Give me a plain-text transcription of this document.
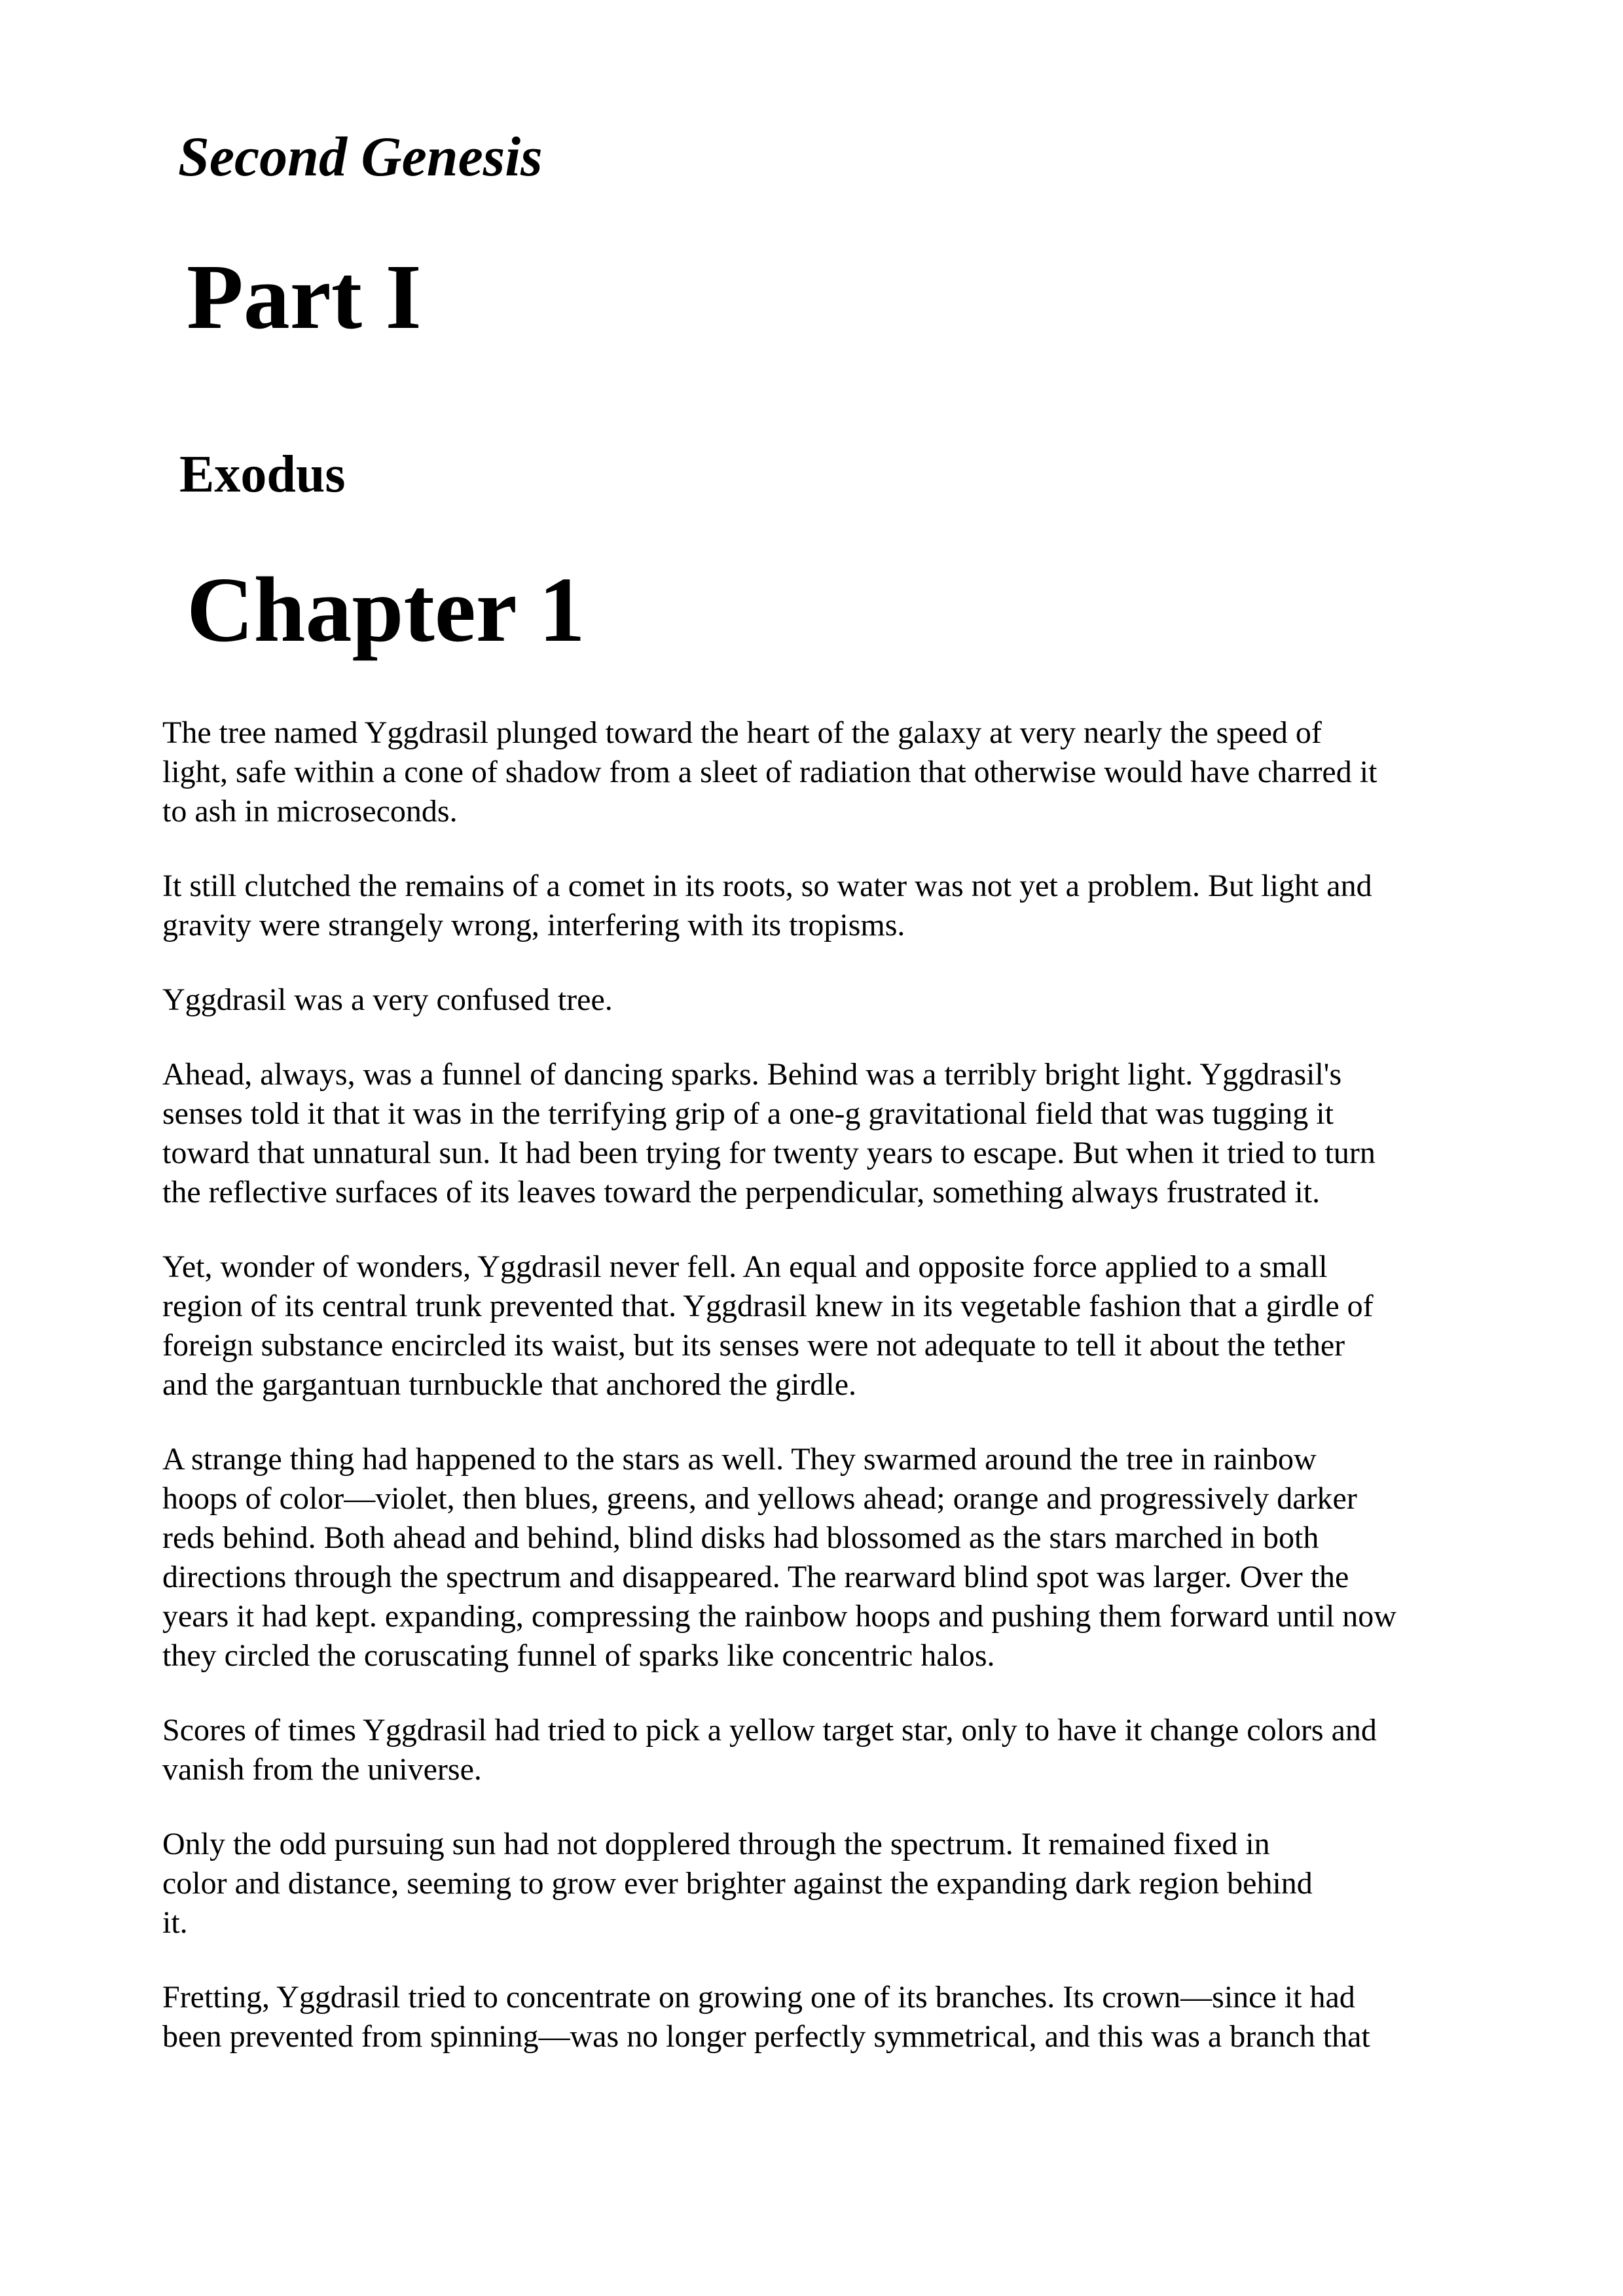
Second Genesis
Part I
Exodus
Chapter 1

The tree named Yggdrasil plunged toward the heart of the galaxy at very nearly the speed of
light, safe within a cone of shadow from a sleet of radiation that otherwise would have charred it
to ash in microseconds.

It still clutched the remains of a comet in its roots, so water was not yet a problem. But light and
gravity were strangely wrong, interfering with its tropisms.

Yggdrasil was a very confused tree.

Ahead, always, was a funnel of dancing sparks. Behind was a terribly bright light. Yggdrasil's
senses told it that it was in the terrifying grip of a one-g gravitational field that was tugging it
toward that unnatural sun. It had been trying for twenty years to escape. But when it tried to turn
the reflective surfaces of its leaves toward the perpendicular, something always frustrated it.

Yet, wonder of wonders, Yggdrasil never fell. An equal and opposite force applied to a small
region of its central trunk prevented that. Yggdrasil knew in its vegetable fashion that a girdle of
foreign substance encircled its waist, but its senses were not adequate to tell it about the tether
and the gargantuan turnbuckle that anchored the girdle.

A strange thing had happened to the stars as well. They swarmed around the tree in rainbow
hoops of color—violet, then blues, greens, and yellows ahead; orange and progressively darker
reds behind. Both ahead and behind, blind disks had blossomed as the stars marched in both
directions through the spectrum and disappeared. The rearward blind spot was larger. Over the
years it had kept. expanding, compressing the rainbow hoops and pushing them forward until now
they circled the coruscating funnel of sparks like concentric halos.

Scores of times Yggdrasil had tried to pick a yellow target star, only to have it change colors and
vanish from the universe.

Only the odd pursuing sun had not dopplered through the spectrum. It remained fixed in
color and distance, seeming to grow ever brighter against the expanding dark region behind
it.

Fretting, Yggdrasil tried to concentrate on growing one of its branches. Its crown—since it had
been prevented from spinning—was no longer perfectly symmetrical, and this was a branch that
